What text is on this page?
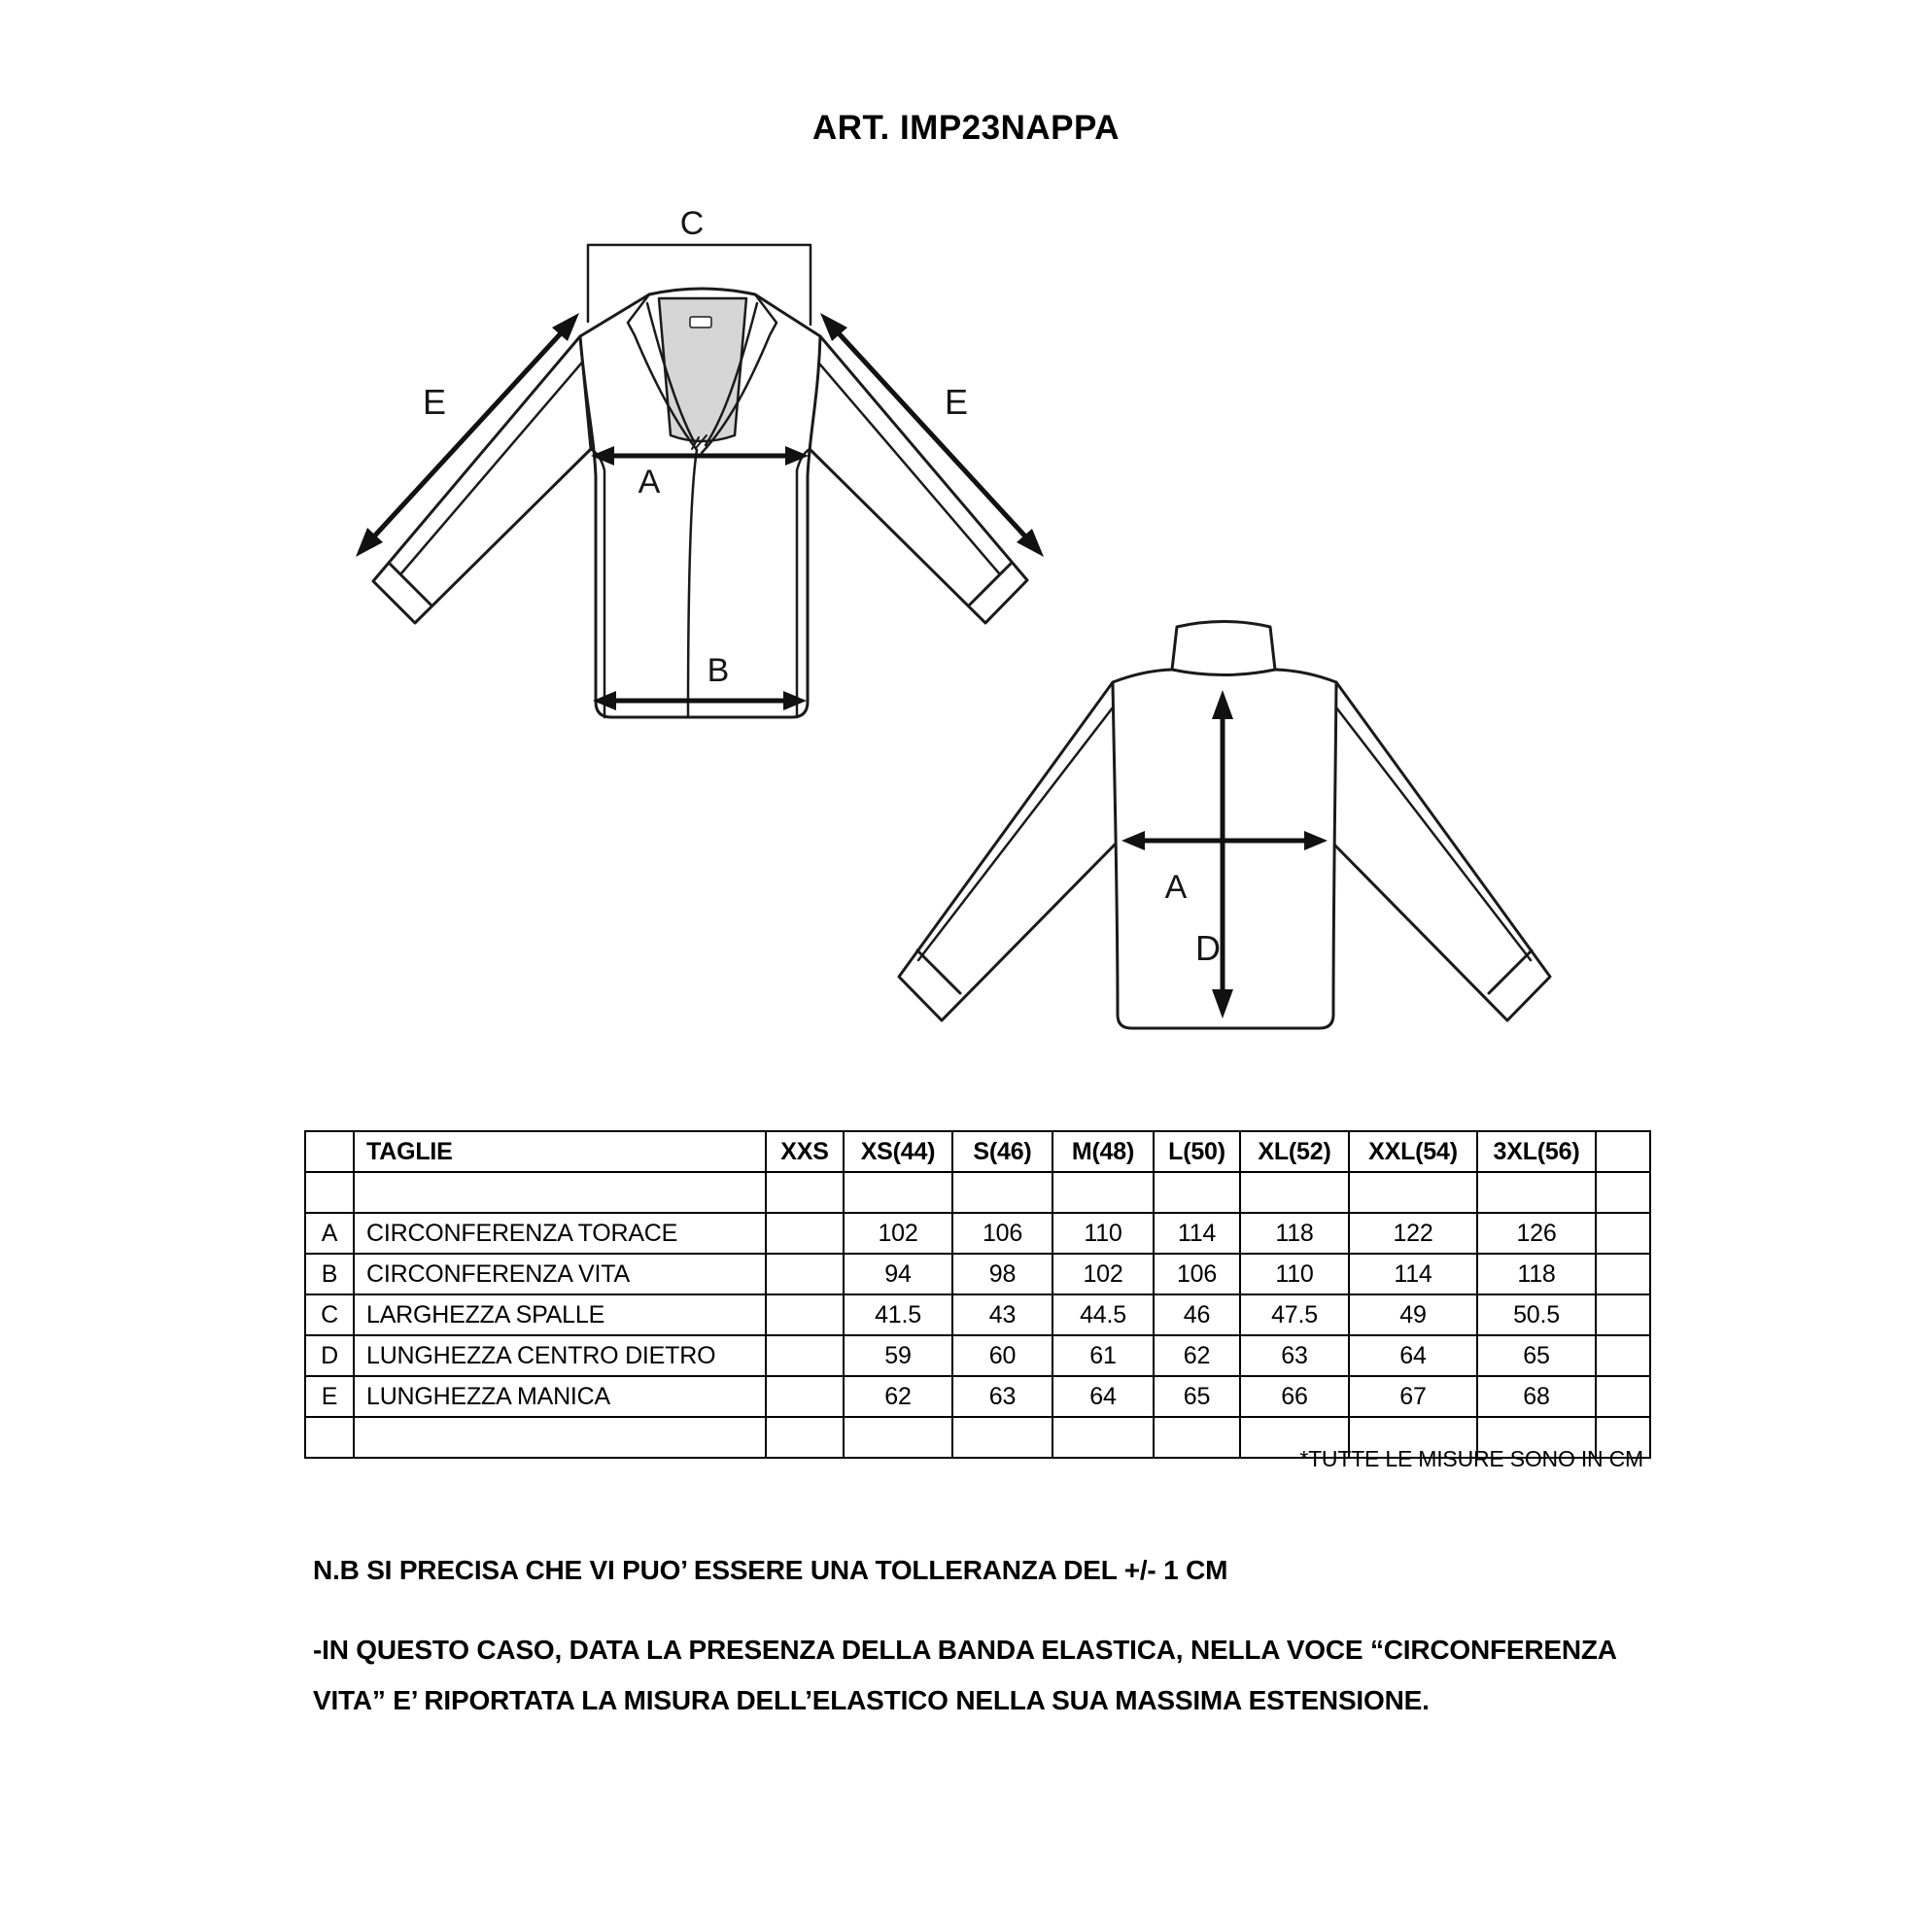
ART. IMP23NAPPA
C
A
B
E	E
A
D
	TAGLIE	XXS	XS(44)	S(46)	M(48)	L(50)	XL(52)	XXL(54)	3XL(56)	

A	CIRCONFERENZA TORACE		102	106	110	114	118	122	126	
B	CIRCONFERENZA VITA		94	98	102	106	110	114	118	
C	LARGHEZZA SPALLE		41.5	43	44.5	46	47.5	49	50.5	
D	LUNGHEZZA CENTRO DIETRO		59	60	61	62	63	64	65	
E	LUNGHEZZA MANICA		62	63	64	65	66	67	68	

*TUTTE LE MISURE SONO IN CM
N.B SI PRECISA CHE VI PUO’ ESSERE UNA TOLLERANZA DEL +/- 1 CM
-IN QUESTO CASO, DATA LA PRESENZA DELLA BANDA ELASTICA, NELLA VOCE “CIRCONFERENZA
VITA” E’ RIPORTATA LA MISURA DELL’ELASTICO NELLA SUA MASSIMA ESTENSIONE.
